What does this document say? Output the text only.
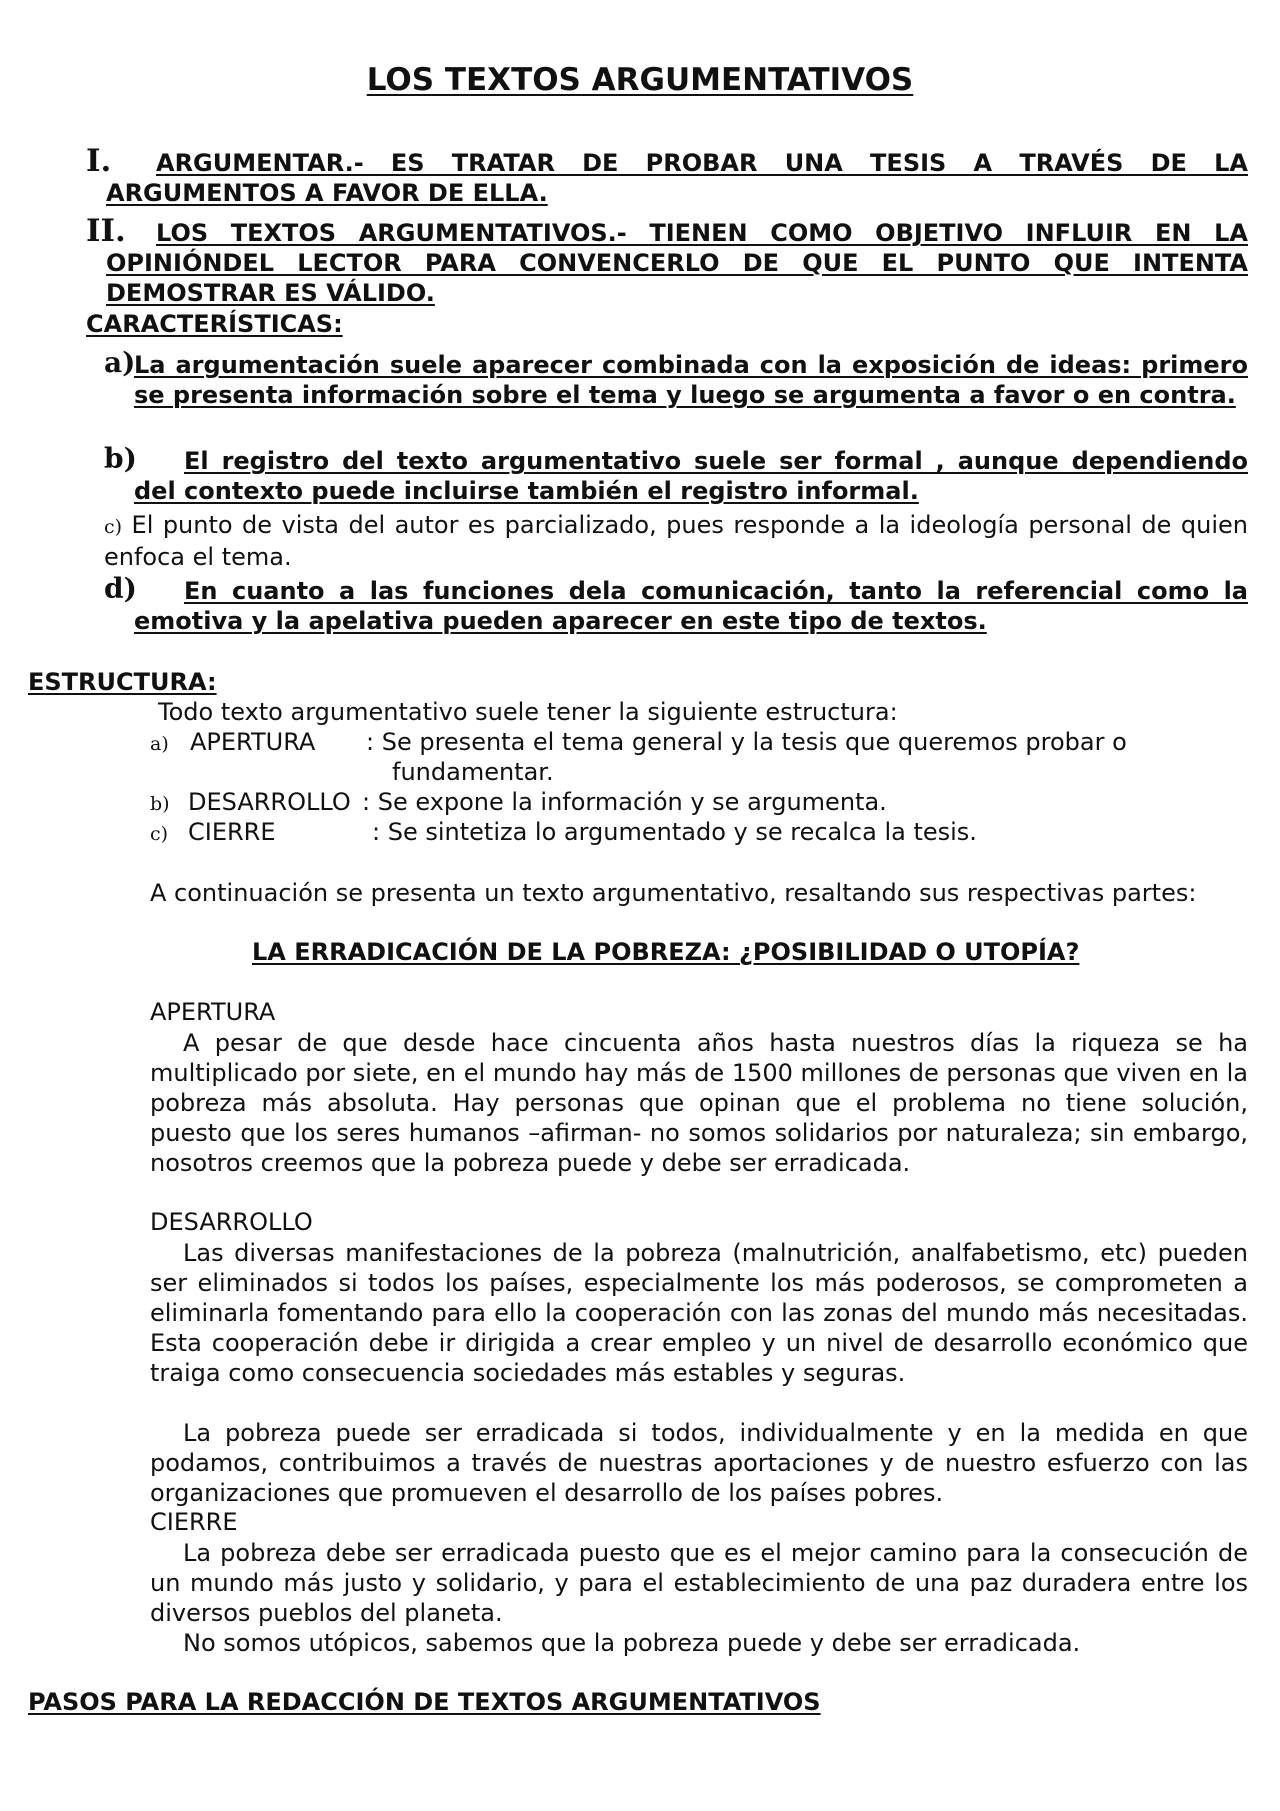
LOS TEXTOS ARGUMENTATIVOS
I.	ARGUMENTAR.- ES TRATAR DE PROBAR UNA TESIS A TRAVÉS DE LA ARGUMENTOS A FAVOR DE ELLA.
II.	LOS TEXTOS ARGUMENTATIVOS.- TIENEN COMO OBJETIVO INFLUIR EN LA OPINIÓNDEL LECTOR PARA CONVENCERLO DE QUE EL PUNTO QUE INTENTA DEMOSTRAR ES VÁLIDO.
CARACTERÍSTICAS:
a)
La argumentación suele aparecer combinada con la exposición de ideas: primero se presenta información sobre el tema y luego se argumenta a favor o en contra.
b)	El registro del texto argumentativo suele ser formal , aunque dependiendo del contexto puede incluirse también el registro informal.
c) El punto de vista del autor es parcializado, pues responde a la ideología personal de quien enfoca el tema.
d)	En cuanto a las funciones dela comunicación, tanto la referencial como la emotiva y la apelativa pueden aparecer en este tipo de textos.
ESTRUCTURA:
Todo texto argumentativo suele tener la siguiente estructura:
a) APERTURA : Se presenta el tema general y la tesis que queremos probar o
fundamentar.
b) DESARROLLO : Se expone la información y se argumenta.
c) CIERRE	: Se sintetiza lo argumentado y se recalca la tesis.
A continuación se presenta un texto argumentativo, resaltando sus respectivas partes:
LA ERRADICACIÓN DE LA POBREZA: ¿POSIBILIDAD O UTOPÍA?
APERTURA
A pesar de que desde hace cincuenta años hasta nuestros días la riqueza se ha multiplicado por siete, en el mundo hay más de 1500 millones de personas que viven en la pobreza más absoluta. Hay personas que opinan que el problema no tiene solución, puesto que los seres humanos –afirman- no somos solidarios por naturaleza; sin embargo, nosotros creemos que la pobreza puede y debe ser erradicada.
DESARROLLO
Las diversas manifestaciones de la pobreza (malnutrición, analfabetismo, etc) pueden ser eliminados si todos los países, especialmente los más poderosos, se comprometen a eliminarla fomentando para ello la cooperación con las zonas del mundo más necesitadas. Esta cooperación debe ir dirigida a crear empleo y un nivel de desarrollo económico que traiga como consecuencia sociedades más estables y seguras.
La pobreza puede ser erradicada si todos, individualmente y en la medida en que podamos, contribuimos a través de nuestras aportaciones y de nuestro esfuerzo con las organizaciones que promueven el desarrollo de los países pobres.
CIERRE
La pobreza debe ser erradicada puesto que es el mejor camino para la consecución de un mundo más justo y solidario, y para el establecimiento de una paz duradera entre los diversos pueblos del planeta.
No somos utópicos, sabemos que la pobreza puede y debe ser erradicada.
PASOS PARA LA REDACCIÓN DE TEXTOS ARGUMENTATIVOS
